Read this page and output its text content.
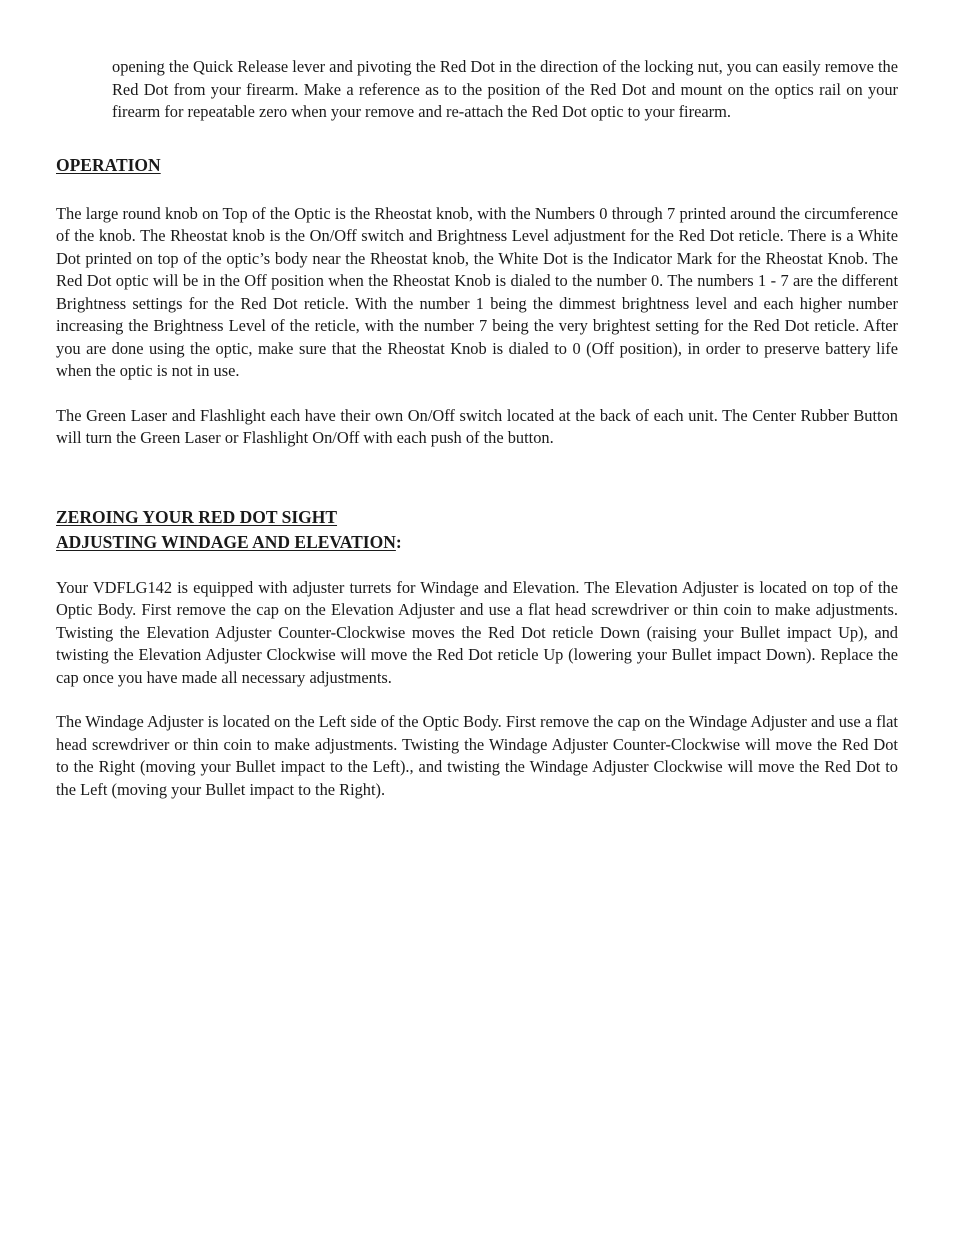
opening the Quick Release lever and pivoting the Red Dot in the direction of the locking nut, you can easily remove the Red Dot from your firearm. Make a reference as to the position of the Red Dot and mount on the optics rail on your firearm for repeatable zero when your remove and re-attach the Red Dot optic to your firearm.

OPERATION

The large round knob on Top of the Optic is the Rheostat knob, with the Numbers 0 through 7 printed around the circumference of the knob. The Rheostat knob is the On/Off switch and Brightness Level adjustment for the Red Dot reticle. There is a White Dot printed on top of the optic’s body near the Rheostat knob, the White Dot is the Indicator Mark for the Rheostat Knob. The Red Dot optic will be in the Off position when the Rheostat Knob is dialed to the number 0. The numbers 1 - 7 are the different Brightness settings for the Red Dot reticle. With the number 1 being the dimmest brightness level and each higher number increasing the Brightness Level of the reticle, with the number 7 being the very brightest setting for the Red Dot reticle. After you are done using the optic, make sure that the Rheostat Knob is dialed to 0 (Off position), in order to preserve battery life when the optic is not in use.

The Green Laser and Flashlight each have their own On/Off switch located at the back of each unit. The Center Rubber Button will turn the Green Laser or Flashlight On/Off with each push of the button.

ZEROING YOUR RED DOT SIGHT
ADJUSTING WINDAGE AND ELEVATION:

Your VDFLG142 is equipped with adjuster turrets for Windage and Elevation. The Elevation Adjuster is located on top of the Optic Body. First remove the cap on the Elevation Adjuster and use a flat head screwdriver or thin coin to make adjustments. Twisting the Elevation Adjuster Counter-Clockwise moves the Red Dot reticle Down (raising your Bullet impact Up), and twisting the Elevation Adjuster Clockwise will move the Red Dot reticle Up (lowering your Bullet impact Down). Replace the cap once you have made all necessary adjustments.

The Windage Adjuster is located on the Left side of the Optic Body. First remove the cap on the Windage Adjuster and use a flat head screwdriver or thin coin to make adjustments. Twisting the Windage Adjuster Counter-Clockwise will move the Red Dot to the Right (moving your Bullet impact to the Left)., and twisting the Windage Adjuster Clockwise will move the Red Dot to the Left (moving your Bullet impact to the Right).
